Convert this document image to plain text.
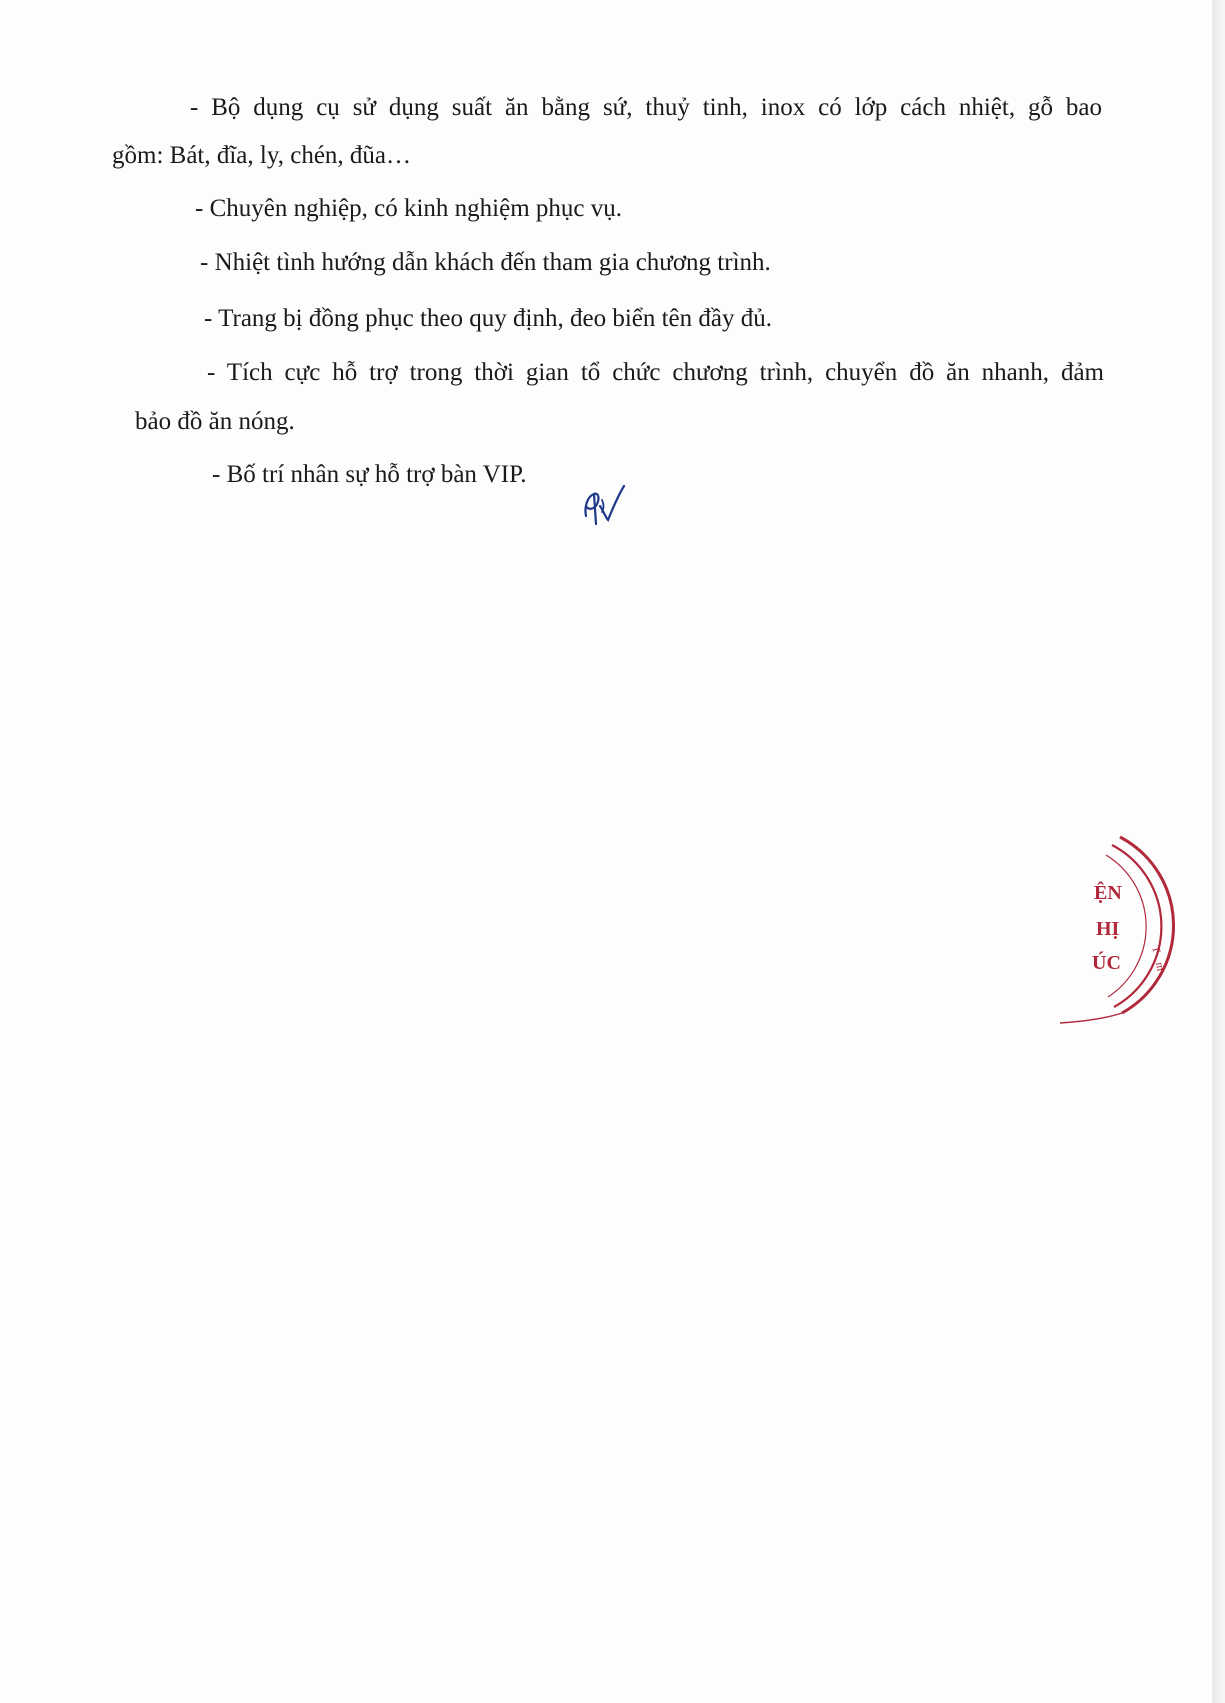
- Bộ dụng cụ sử dụng suất ăn bằng sứ, thuỷ tinh, inox có lớp cách nhiệt, gỗ bao
gồm: Bát, đĩa, ly, chén, đũa…
- Chuyên nghiệp, có kinh nghiệm phục vụ.
- Nhiệt tình hướng dẫn khách đến tham gia chương trình.
- Trang bị đồng phục theo quy định, đeo biển tên đầy đủ.
- Tích cực hỗ trợ trong thời gian tổ chức chương trình, chuyển đồ ăn nhanh, đảm
bảo đồ ăn nóng.
- Bố trí nhân sự hỗ trợ bàn VIP.
T
m
ỆN
HỊ
ÚC
